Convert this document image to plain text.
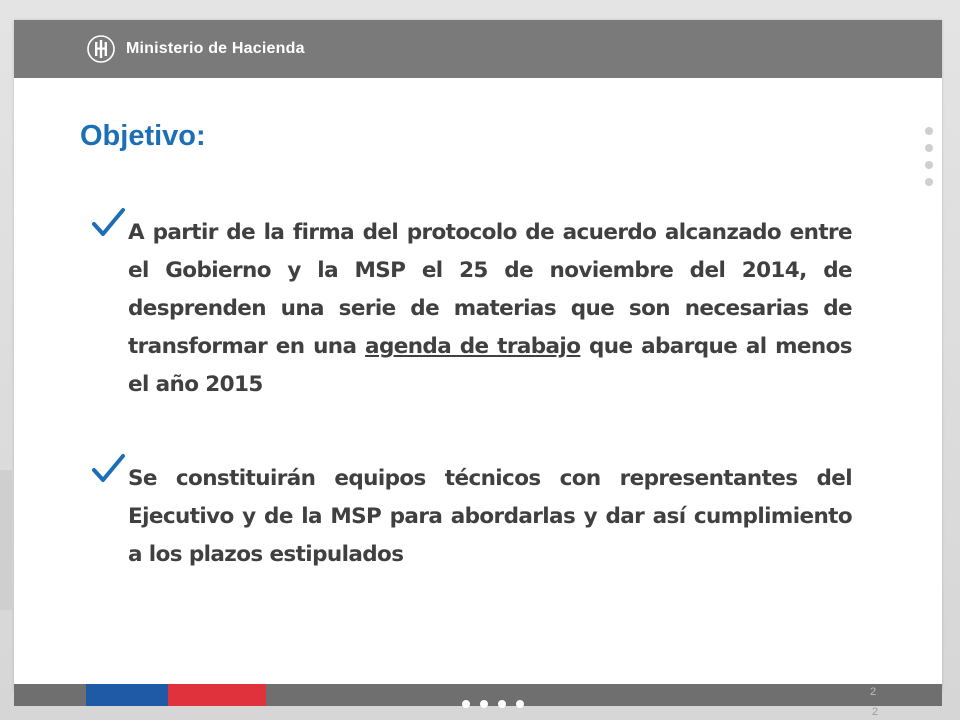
Ministerio de Hacienda
Objetivo:

A partir de la firma del protocolo de acuerdo alcanzado entre el Gobierno y la MSP el 25 de noviembre del 2014, de desprenden una serie de materias que son necesarias de transformar en una agenda de trabajo que abarque al menos el año 2015

Se constituirán equipos técnicos con representantes del Ejecutivo y de la MSP para abordarlas y dar así cumplimiento a los plazos estipulados

2
2
